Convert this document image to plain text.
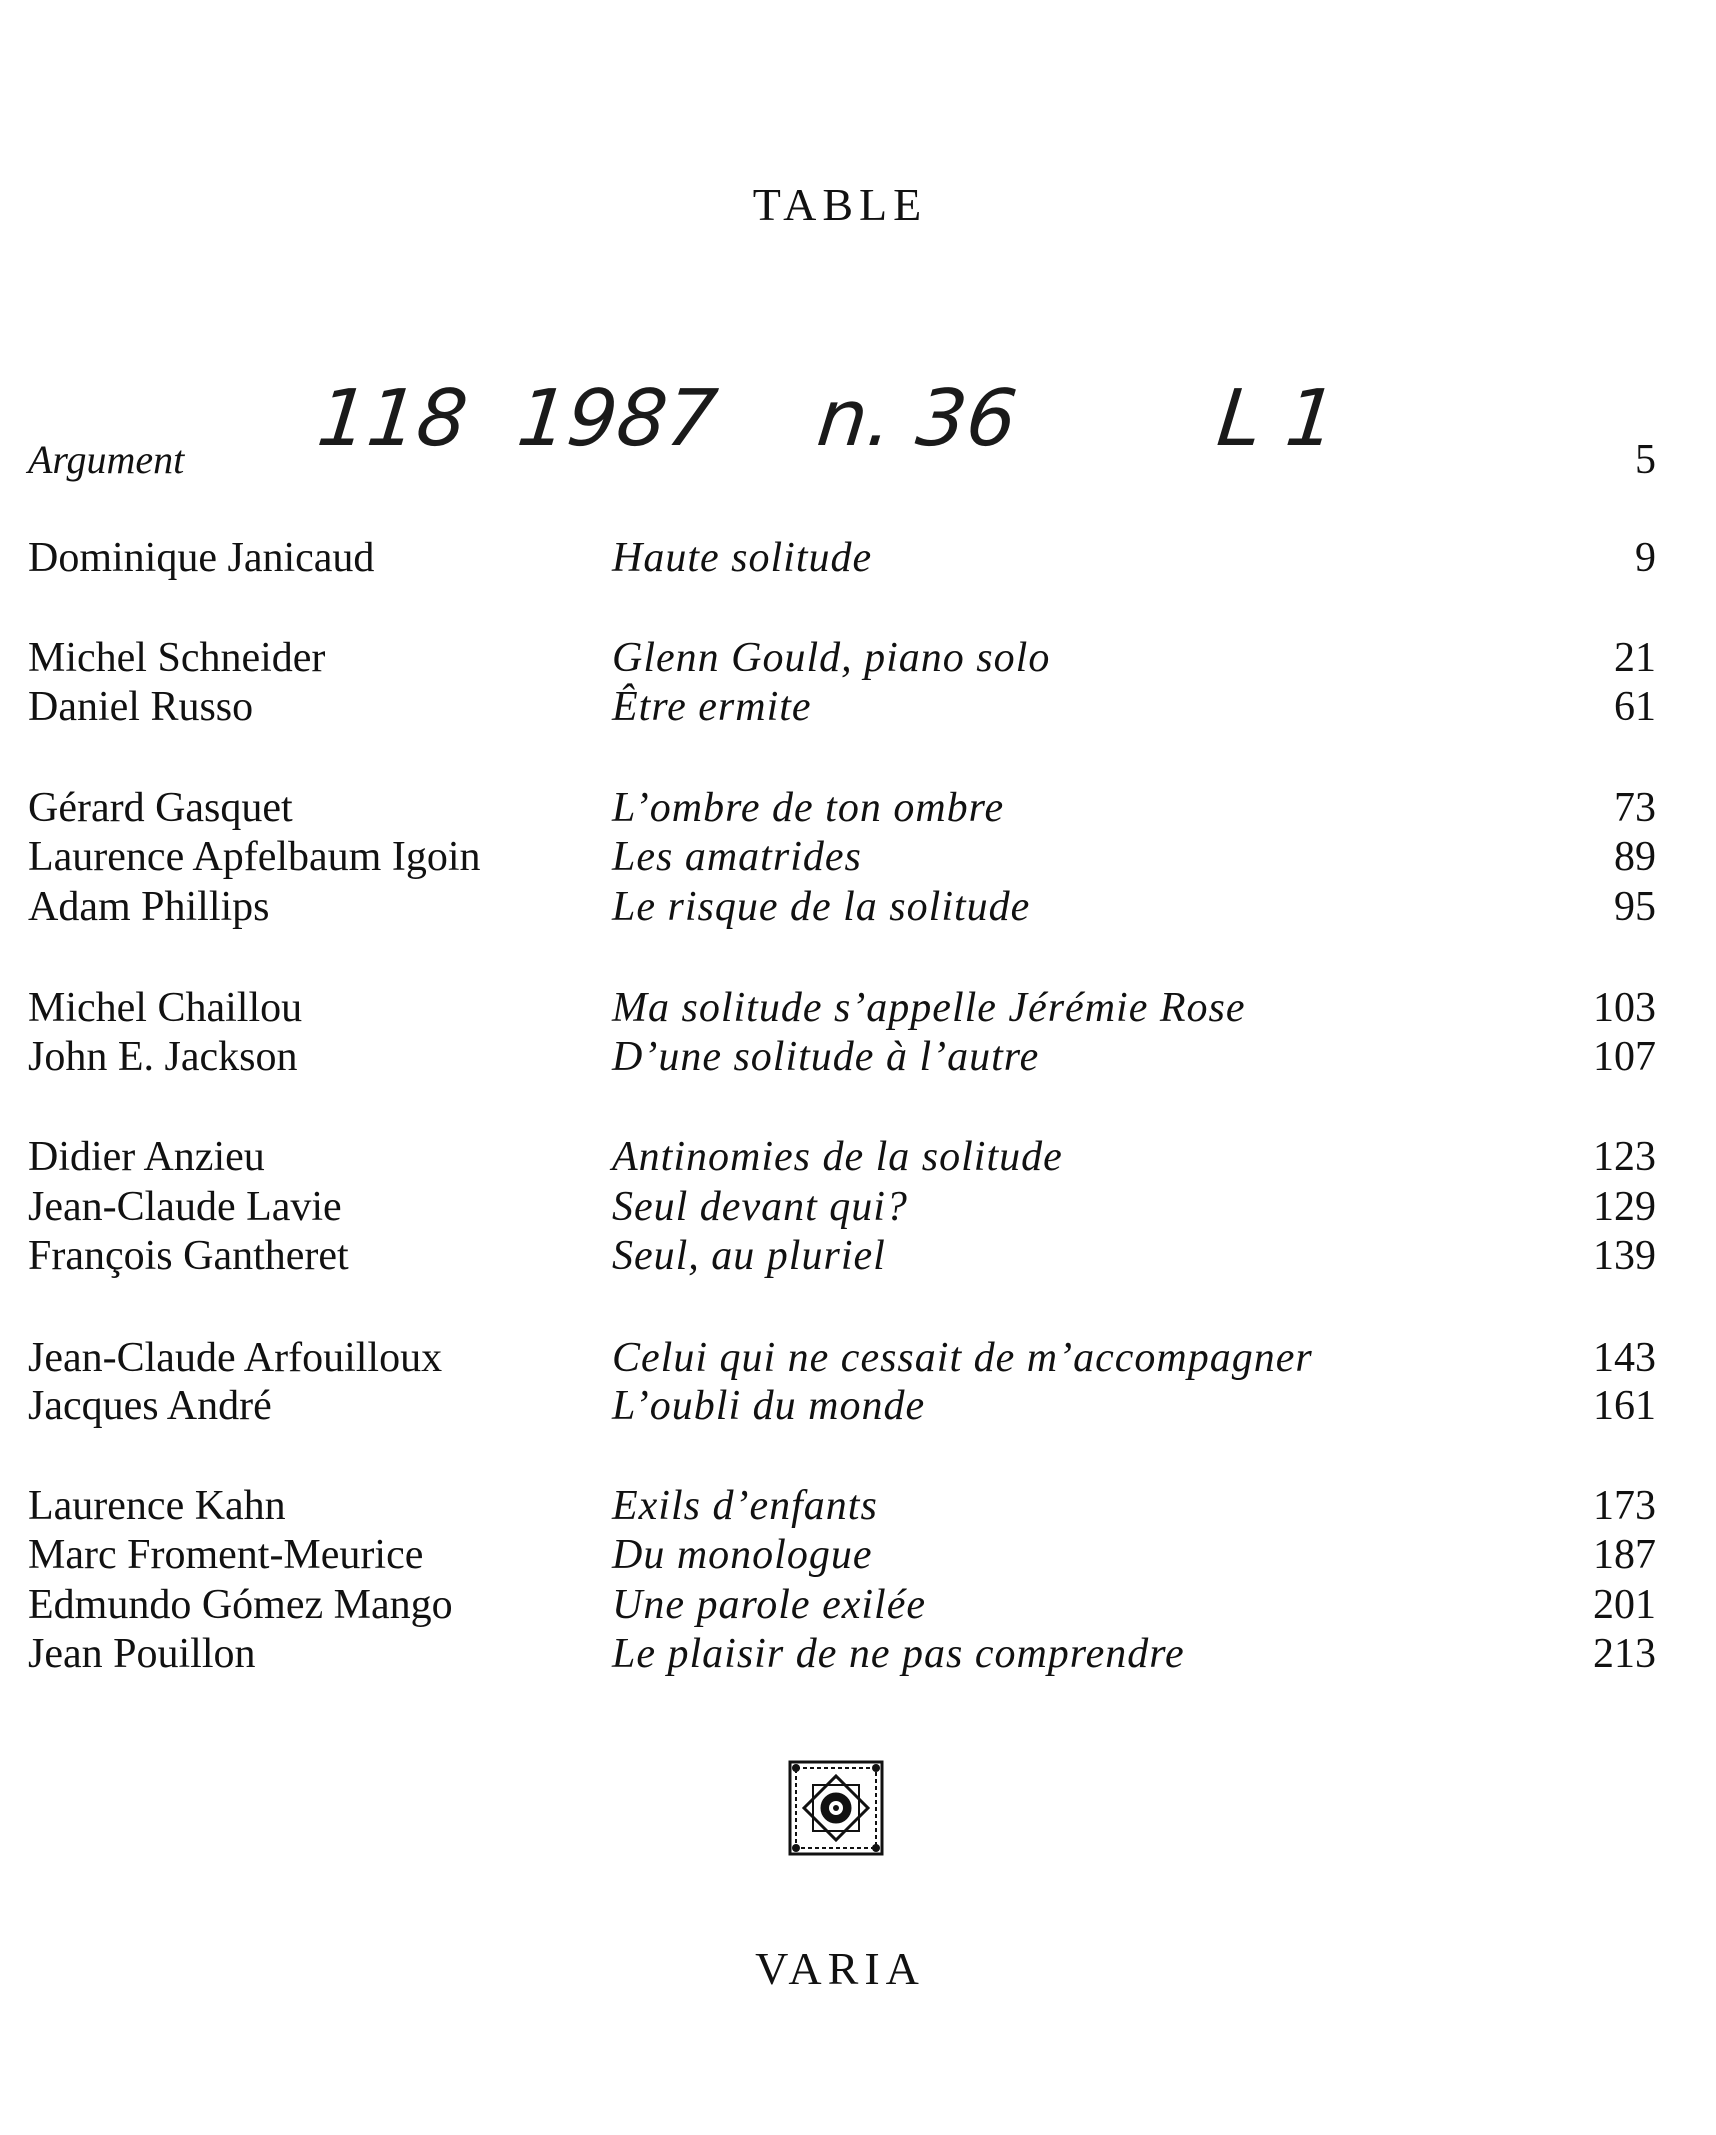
TABLE
118 1987 n. 36 L 1
Argument	5
Dominique Janicaud	Haute solitude	9
Michel Schneider	Glenn Gould, piano solo	21
Daniel Russo	Être ermite	61
Gérard Gasquet	L’ombre de ton ombre	73
Laurence Apfelbaum Igoin	Les amatrides	89
Adam Phillips	Le risque de la solitude	95
Michel Chaillou	Ma solitude s’appelle Jérémie Rose	103
John E. Jackson	D’une solitude à l’autre	107
Didier Anzieu	Antinomies de la solitude	123
Jean-Claude Lavie	Seul devant qui?	129
François Gantheret	Seul, au pluriel	139
Jean-Claude Arfouilloux	Celui qui ne cessait de m’accompagner	143
Jacques André	L’oubli du monde	161
Laurence Kahn	Exils d’enfants	173
Marc Froment-Meurice	Du monologue	187
Edmundo Gómez Mango	Une parole exilée	201
Jean Pouillon	Le plaisir de ne pas comprendre	213
VARIA
